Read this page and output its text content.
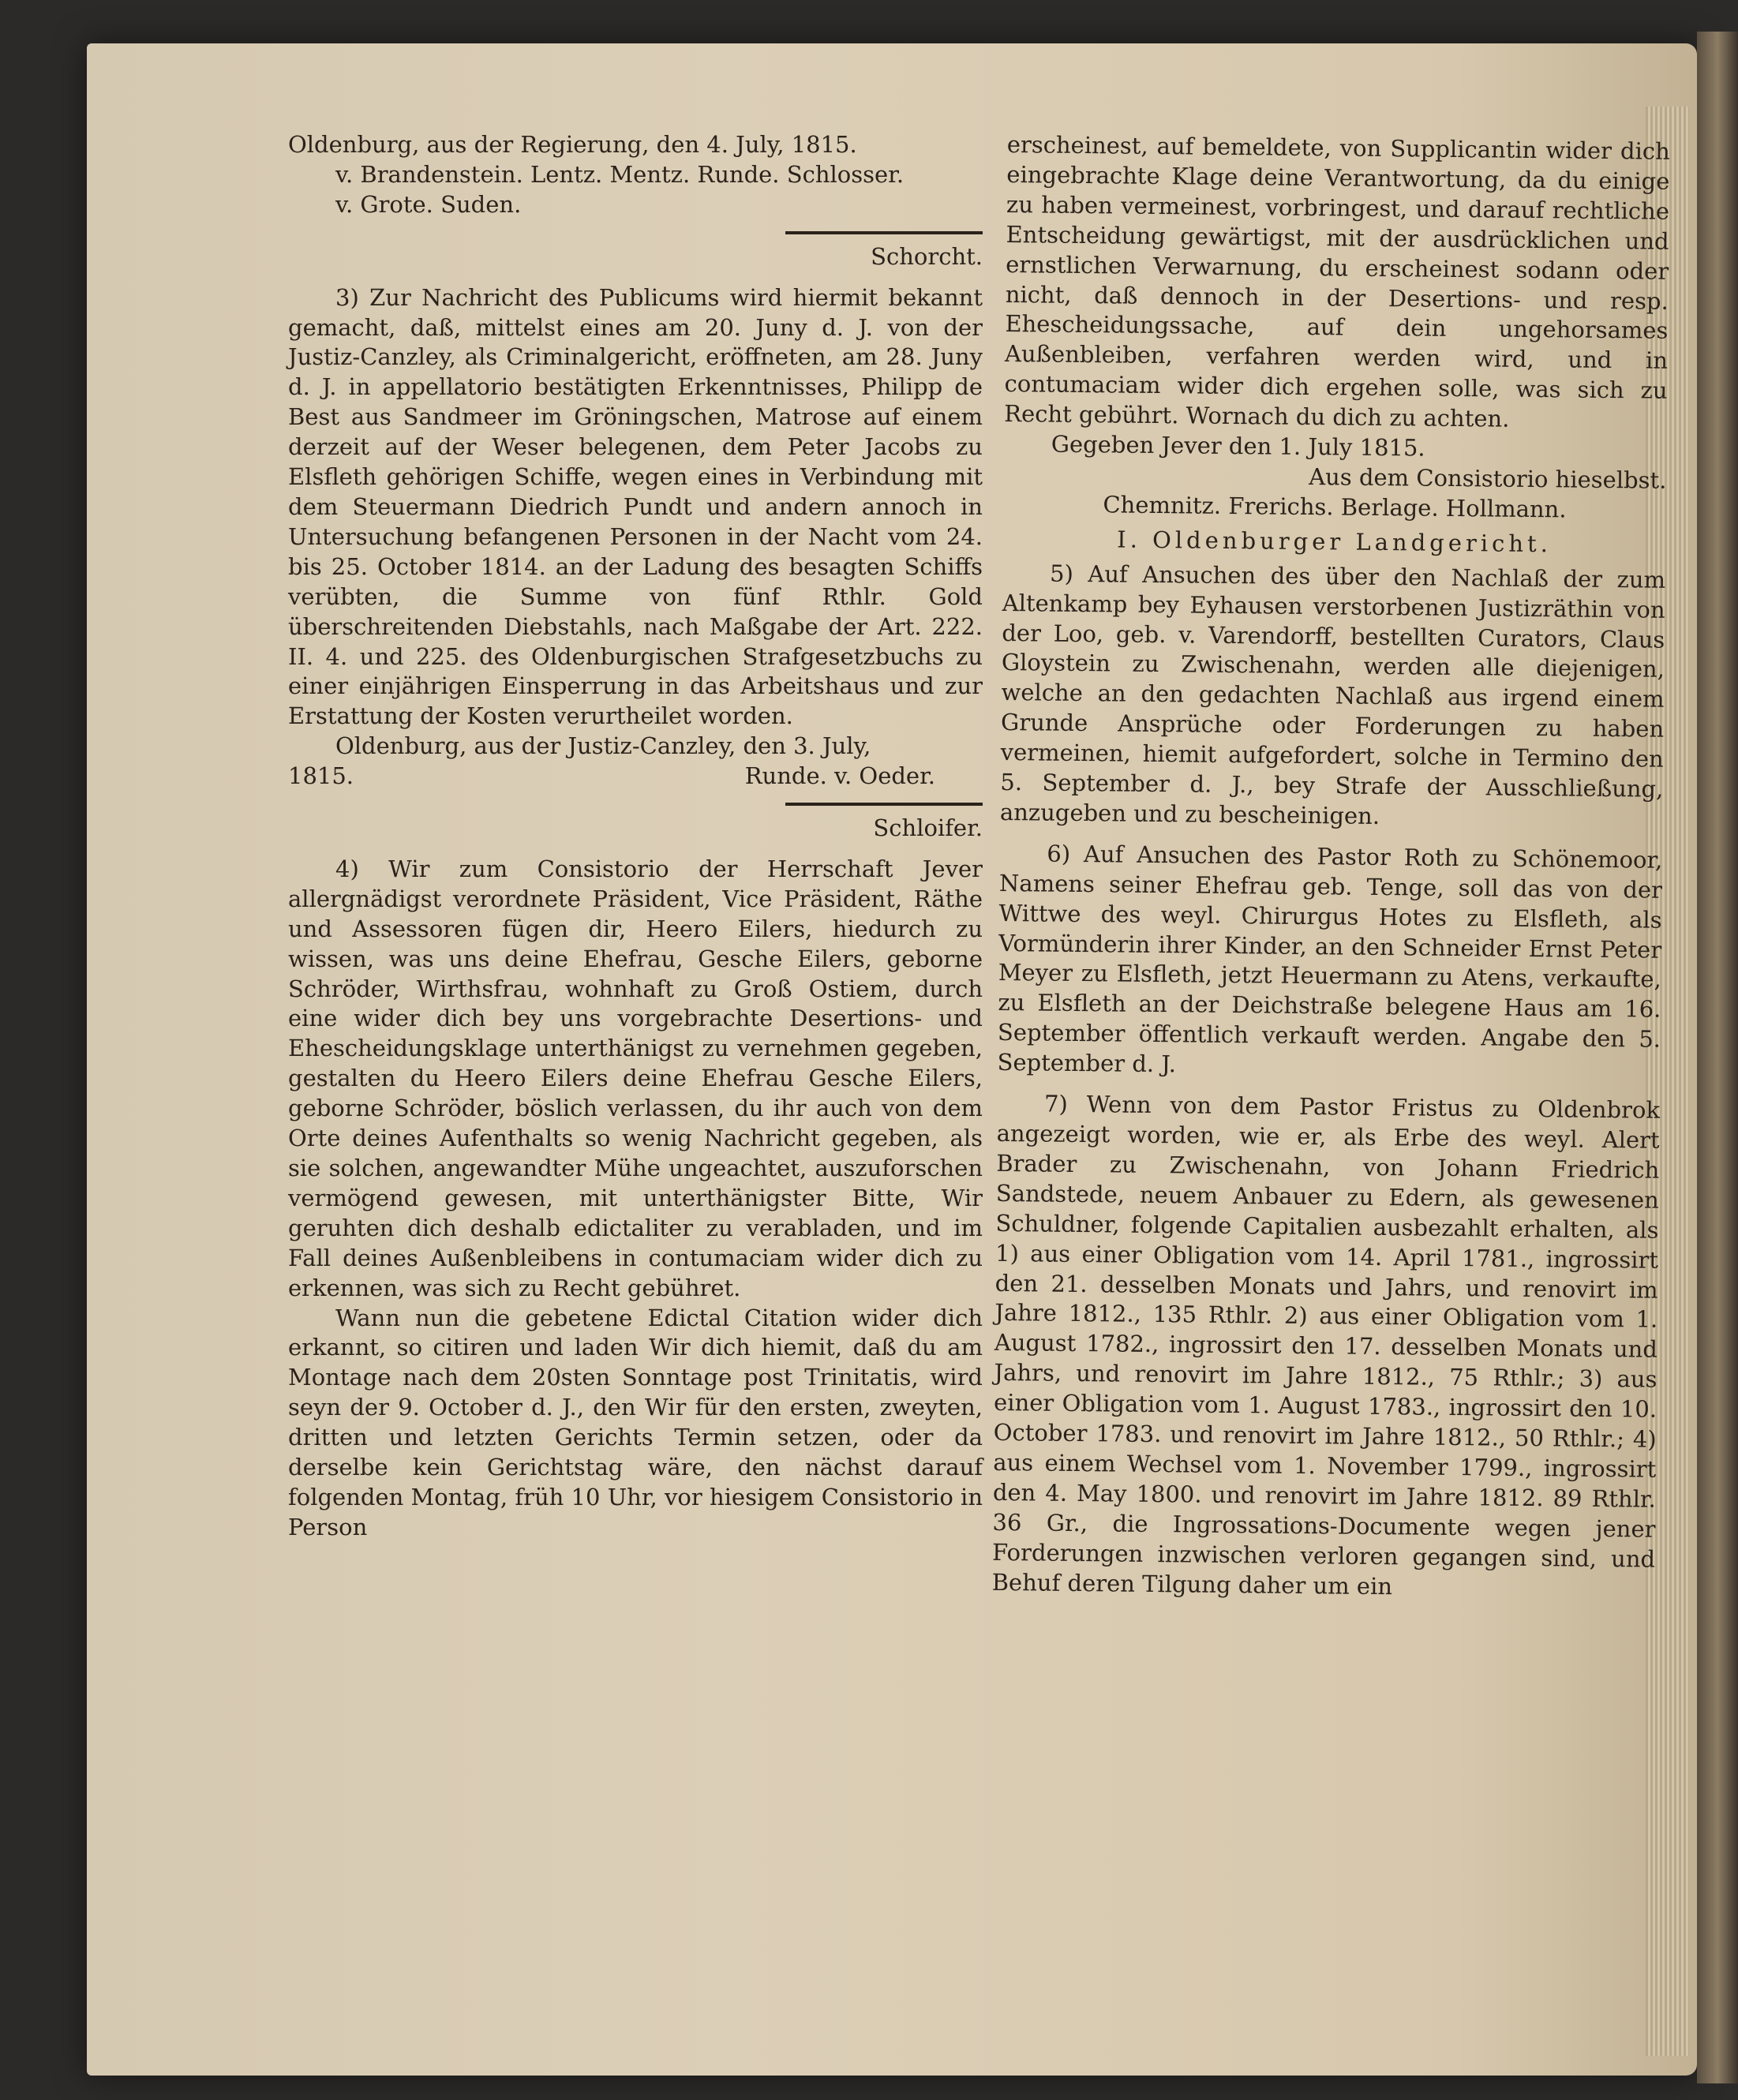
Oldenburg, aus der Regierung, den 4. July, 1815.

v. Brandenstein. Lentz. Mentz. Runde. Schlosser.

v. Grote. Suden.

Schorcht.

3) Zur Nachricht des Publicums wird hiermit bekannt gemacht, daß, mittelst eines am 20. Juny d. J. von der Justiz-Canzley, als Criminalgericht, eröffneten, am 28. Juny d. J. in appellatorio bestätigten Erkenntnisses, Philipp de Best aus Sandmeer im Gröningschen, Matrose auf einem derzeit auf der Weser belegenen, dem Peter Jacobs zu Elsfleth gehörigen Schiffe, wegen eines in Verbindung mit dem Steuermann Diedrich Pundt und andern annoch in Untersuchung befangenen Personen in der Nacht vom 24. bis 25. October 1814. an der Ladung des besagten Schiffs verübten, die Summe von fünf Rthlr. Gold überschreitenden Diebstahls, nach Maßgabe der Art. 222. II. 4. und 225. des Oldenburgischen Strafgesetzbuchs zu einer einjährigen Einsperrung in das Arbeitshaus und zur Erstattung der Kosten verurtheilet worden.

Oldenburg, aus der Justiz-Canzley, den 3. July,

1815.	Runde. v. Oeder.

Schloifer.

4) Wir zum Consistorio der Herrschaft Jever allergnädigst verordnete Präsident, Vice Präsident, Räthe und Assessoren fügen dir, Heero Eilers, hiedurch zu wissen, was uns deine Ehefrau, Gesche Eilers, geborne Schröder, Wirthsfrau, wohnhaft zu Groß Ostiem, durch eine wider dich bey uns vorgebrachte Desertions- und Ehescheidungsklage unterthänigst zu vernehmen gegeben, gestalten du Heero Eilers deine Ehefrau Gesche Eilers, geborne Schröder, böslich verlassen, du ihr auch von dem Orte deines Aufenthalts so wenig Nachricht gegeben, als sie solchen, angewandter Mühe ungeachtet, auszuforschen vermögend gewesen, mit unterthänigster Bitte, Wir geruhten dich deshalb edictaliter zu verabladen, und im Fall deines Außenbleibens in contumaciam wider dich zu erkennen, was sich zu Recht gebühret.

Wann nun die gebetene Edictal Citation wider dich erkannt, so citiren und laden Wir dich hiemit, daß du am Montage nach dem 20sten Sonntage post Trinitatis, wird seyn der 9. October d. J., den Wir für den ersten, zweyten, dritten und letzten Gerichts Termin setzen, oder da derselbe kein Gerichtstag wäre, den nächst darauf folgenden Montag, früh 10 Uhr, vor hiesigem Consistorio in Person

erscheinest, auf bemeldete, von Supplicantin wider dich eingebrachte Klage deine Verantwortung, da du einige zu haben vermeinest, vorbringest, und darauf rechtliche Entscheidung gewärtigst, mit der ausdrücklichen und ernstlichen Verwarnung, du erscheinest sodann oder nicht, daß dennoch in der Desertions- und resp. Ehescheidungssache, auf dein ungehorsames Außenbleiben, verfahren werden wird, und in contumaciam wider dich ergehen solle, was sich zu Recht gebührt. Wornach du dich zu achten.

Gegeben Jever den 1. July 1815.

Aus dem Consistorio hieselbst.

Chemnitz. Frerichs. Berlage. Hollmann.

I. Oldenburger Landgericht.

5) Auf Ansuchen des über den Nachlaß der zum Altenkamp bey Eyhausen verstorbenen Justizräthin von der Loo, geb. v. Varendorff, bestellten Curators, Claus Gloystein zu Zwischenahn, werden alle diejenigen, welche an den gedachten Nachlaß aus irgend einem Grunde Ansprüche oder Forderungen zu haben vermeinen, hiemit aufgefordert, solche in Termino den 5. September d. J., bey Strafe der Ausschließung, anzugeben und zu bescheinigen.

6) Auf Ansuchen des Pastor Roth zu Schönemoor, Namens seiner Ehefrau geb. Tenge, soll das von der Wittwe des weyl. Chirurgus Hotes zu Elsfleth, als Vormünderin ihrer Kinder, an den Schneider Ernst Peter Meyer zu Elsfleth, jetzt Heuermann zu Atens, verkaufte, zu Elsfleth an der Deichstraße belegene Haus am 16. September öffentlich verkauft werden. Angabe den 5. September d. J.

7) Wenn von dem Pastor Fristus zu Oldenbrok angezeigt worden, wie er, als Erbe des weyl. Alert Brader zu Zwischenahn, von Johann Friedrich Sandstede, neuem Anbauer zu Edern, als gewesenen Schuldner, folgende Capitalien ausbezahlt erhalten, als 1) aus einer Obligation vom 14. April 1781., ingrossirt den 21. desselben Monats und Jahrs, und renovirt im Jahre 1812., 135 Rthlr. 2) aus einer Obligation vom 1. August 1782., ingrossirt den 17. desselben Monats und Jahrs, und renovirt im Jahre 1812., 75 Rthlr.; 3) aus einer Obligation vom 1. August 1783., ingrossirt den 10. October 1783. und renovirt im Jahre 1812., 50 Rthlr.; 4) aus einem Wechsel vom 1. November 1799., ingrossirt den 4. May 1800. und renovirt im Jahre 1812. 89 Rthlr. 36 Gr., die Ingrossations-Documente wegen jener Forderungen inzwischen verloren gegangen sind, und Behuf deren Tilgung daher um ein
